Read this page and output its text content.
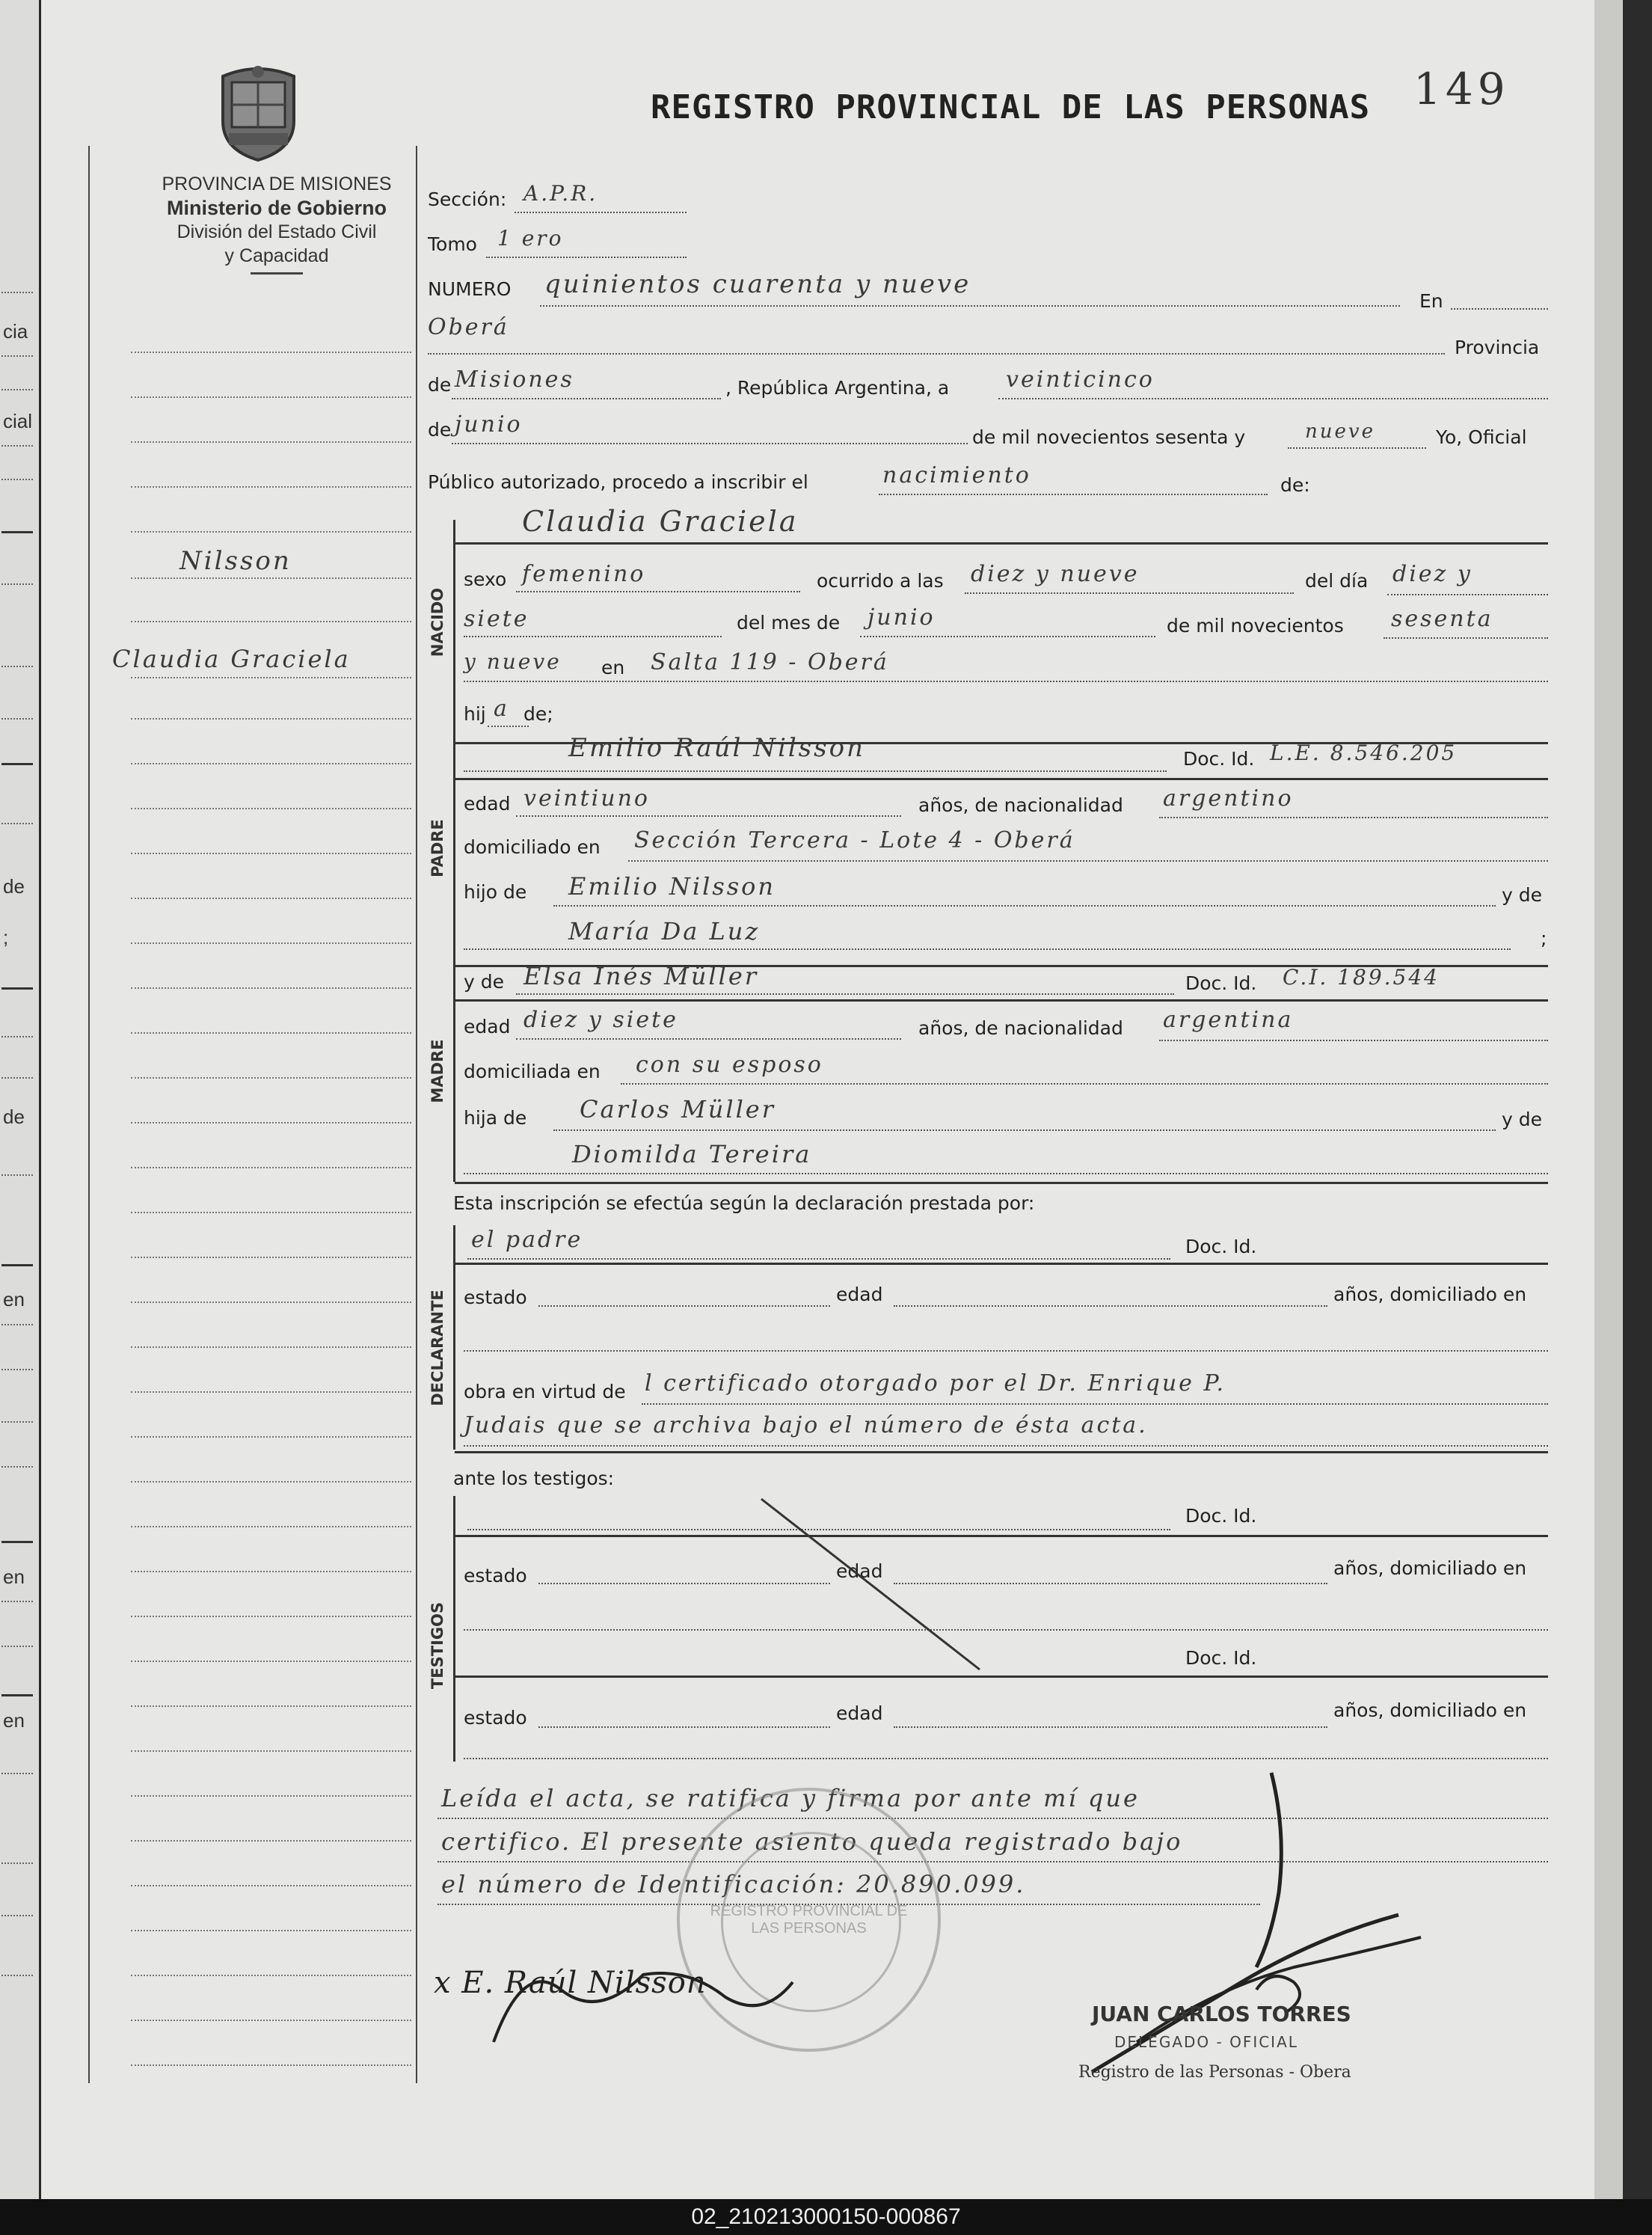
cia
cial
de
;
de
en
en
en
PROVINCIA DE MISIONES
Ministerio de Gobierno
División del Estado Civil
y Capacidad
REGISTRO PROVINCIAL DE LAS PERSONAS 149
Nilsson
Claudia Graciela
Sección: A.P.R.
Tomo 1 ero
NUMERO quinientos cuarenta y nueve
En
Oberá
Provincia
de Misiones	, República Argentina, a	veinticinco
de junio	de mil novecientos sesenta y	nueve	Yo, Oficial
Público autorizado, procedo a inscribir el	nacimiento	de:
NACIDO
Claudia Graciela
sexo femenino	ocurrido a las diez y nueve	del día diez y
siete	del mes de junio	de mil novecientos sesenta
y nueve en Salta 119 - Oberá
hij a de;
PADRE
Emilio Raúl Nilsson	Doc. Id. L.E. 8.546.205
edad veintiuno	años, de nacionalidad argentino
domiciliado en Sección Tercera - Lote 4 - Oberá
hijo de Emilio Nilsson	y de
María Da Luz	;
MADRE
y de Elsa Inés Müller	Doc. Id. C.I. 189.544
edad diez y siete	años, de nacionalidad argentina
domiciliada en con su esposo
hija de Carlos Müller	y de
Diomilda Tereira
Esta inscripción se efectúa según la declaración prestada por:
DECLARANTE
el padre	Doc. Id.
estado	edad	años, domiciliado en
obra en virtud de l certificado otorgado por el Dr. Enrique P.
Judais que se archiva bajo el número de ésta acta.
ante los testigos:
TESTIGOS
Doc. Id.
estado	edad	años, domiciliado en
Doc. Id.
estado	edad	años, domiciliado en
Leída el acta, se ratifica y firma por ante mí que
certifico. El presente asiento queda registrado bajo
el número de Identificación: 20.890.099.
REGISTRO PROVINCIAL DE LAS PERSONAS
x E. Raúl Nilsson
JUAN CARLOS TORRES
DELEGADO - OFICIAL
Registro de las Personas - Obera
02_210213000150-000867
